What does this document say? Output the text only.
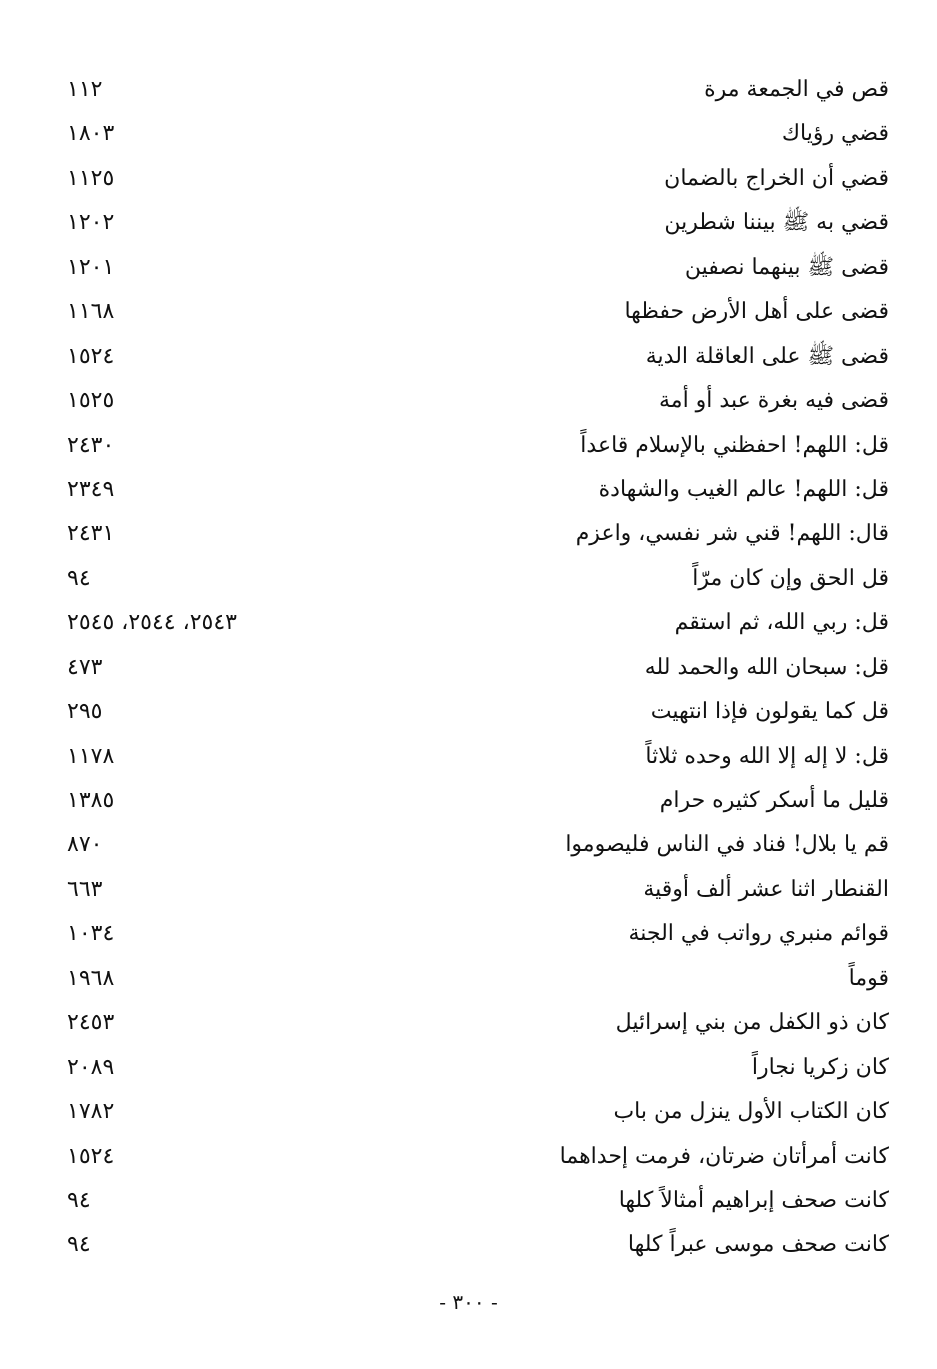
قص في الجمعة مرة
١١٢
قضي رؤياك
١٨٠٣
قضي أن الخراج بالضمان
١١٢٥
قضي به ﷺ بيننا شطرين
١٢٠٢
قضى ﷺ بينهما نصفين
١٢٠١
قضى على أهل الأرض حفظها
١١٦٨
قضى ﷺ على العاقلة الدية
١٥٢٤
قضى فيه بغرة عبد أو أمة
١٥٢٥
قل: اللهم! احفظني بالإسلام قاعداً
٢٤٣٠
قل: اللهم! عالم الغيب والشهادة
٢٣٤٩
قال: اللهم! قني شر نفسي، واعزم
٢٤٣١
قل الحق وإن كان مرّاً
٩٤
قل: ربي الله، ثم استقم
٢٥٤٣، ٢٥٤٤، ٢٥٤٥
قل: سبحان الله والحمد لله
٤٧٣
قل كما يقولون فإذا انتهيت
٢٩٥
قل: لا إله إلا الله وحده ثلاثاً
١١٧٨
قليل ما أسكر كثيره حرام
١٣٨٥
قم يا بلال! فناد في الناس فليصوموا
٨٧٠
القنطار اثنا عشر ألف أوقية
٦٦٣
قوائم منبري رواتب في الجنة
١٠٣٤
قوماً
١٩٦٨
كان ذو الكفل من بني إسرائيل
٢٤٥٣
كان زكريا نجاراً
٢٠٨٩
كان الكتاب الأول ينزل من باب
١٧٨٢
كانت أمرأتان ضرتان، فرمت إحداهما
١٥٢٤
كانت صحف إبراهيم أمثالاً كلها
٩٤
كانت صحف موسى عبراً كلها
٩٤
- ٣٠٠ -
